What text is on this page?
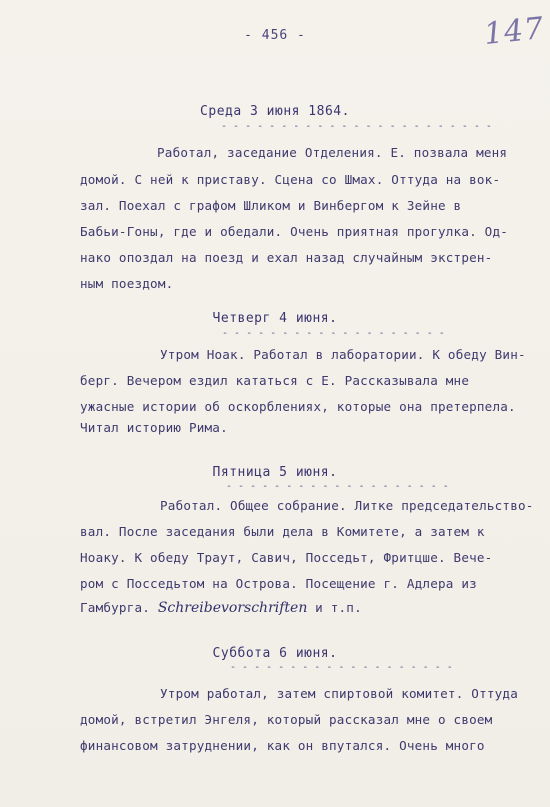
- 456 -	147
Среда 3 июня 1864.
- - - - - - - - - - - - - - - - - - - - - - -
Работал, заседание Отделения. Е. позвала меня
домой. С ней к приставу. Сцена со Шмах. Оттуда на вок-
зал. Поехал с графом Шликом и Винбергом к Зейне в
Бабьи-Гоны, где и обедали. Очень приятная прогулка. Од-
нако опоздал на поезд и ехал назад случайным экстрен-
ным поездом.
Четверг 4 июня.
- - - - - - - - - - - - - - - - - - -
Утром Ноак. Работал в лаборатории. К обеду Вин-
берг. Вечером ездил кататься с Е. Рассказывала мне
ужасные истории об оскорблениях, которые она претерпела.
Читал историю Рима.
Пятница 5 июня.
- - - - - - - - - - - - - - - - - - -
Работал. Общее собрание. Литке председательство-
вал. После заседания были дела в Комитете, а затем к
Ноаку. К обеду Траут, Савич, Посседьт, Фритцше. Вече-
ром с Посседьтом на Острова. Посещение г. Адлера из
Гамбурга. Schreibevorschriften и т.п.
Суббота 6 июня.
- - - - - - - - - - - - - - - - - - -
Утром работал, затем спиртовой комитет. Оттуда
домой, встретил Энгеля, который рассказал мне о своем
финансовом затруднении, как он впутался. Очень много
